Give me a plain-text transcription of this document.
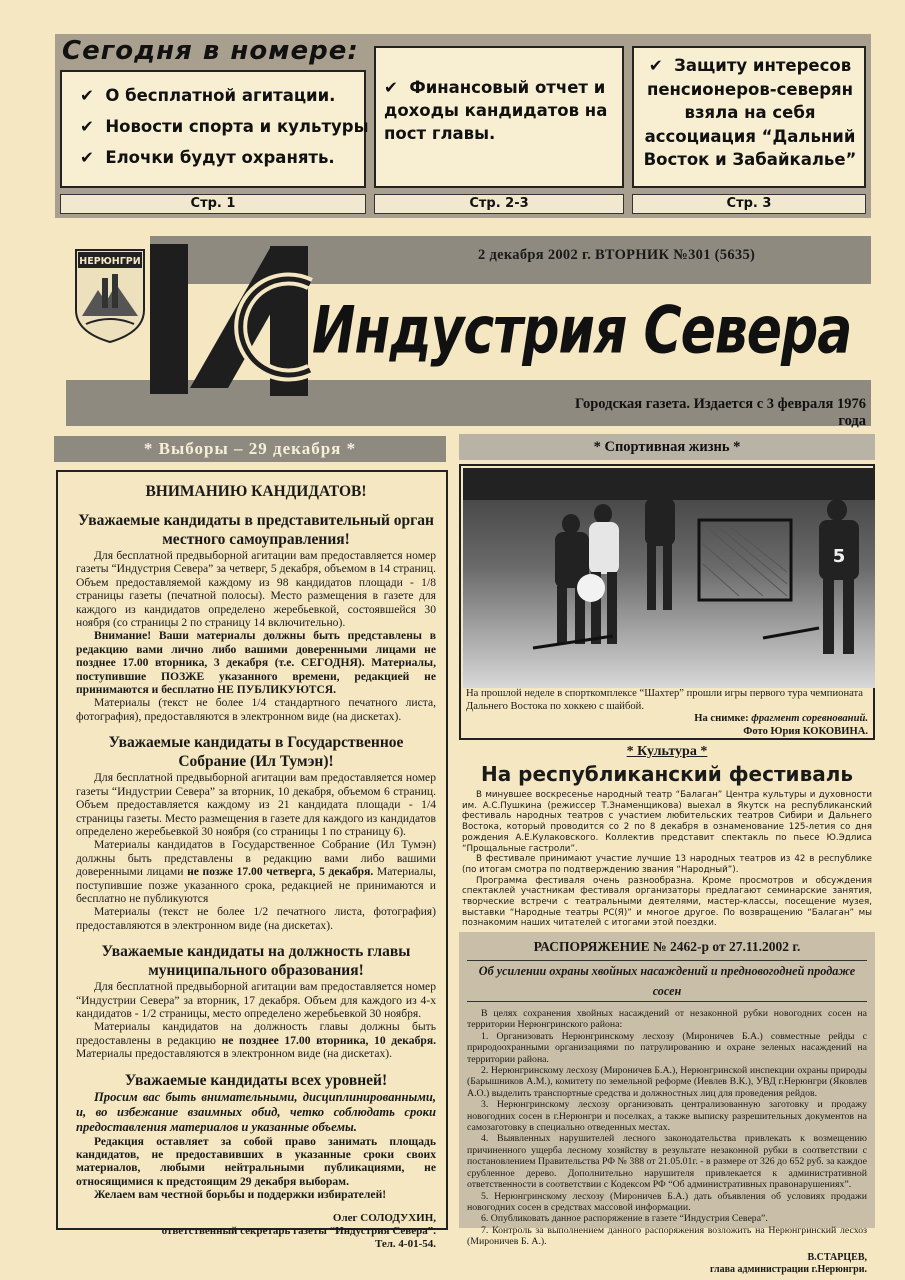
Сегодня в номере:
✔ О бесплатной агитации.
✔ Новости спорта и культуры
✔ Елочки будут охранять.
✔ Финансовый отчет и доходы кандидатов на пост главы.
✔ Защиту интересов пенсионеров-северян взяла на себя ассоциация “Дальний Восток и Забайкалье”
Стр. 1	Стр. 2-3	Стр. 3
НЕРЮНГРИ	2 декабря 2002 г. ВТОРНИК №301 (5635)
Индустрия Севера
Городская газета. Издается с 3 февраля 1976 года
* Выборы – 29 декабря *
ВНИМАНИЮ КАНДИДАТОВ!
Уважаемые кандидаты в представительный орган местного самоуправления!

Для бесплатной предвыборной агитации вам предоставляется номер газеты “Индустрия Севера” за четверг, 5 декабря, объемом в 14 страниц. Объем предоставляемой каждому из 98 кандидатов площади - 1/8 страницы газеты (печатной полосы). Место размещения в газете для каждого из кандидатов определено жеребьевкой, состоявшейся 30 ноября (со страницы 2 по страницу 14 включительно).

Внимание! Ваши материалы должны быть представлены в редакцию вами лично либо вашими доверенными лицами не позднее 17.00 вторника, 3 декабря (т.е. СЕГОДНЯ). Материалы, поступившие ПОЗЖЕ указанного времени, редакцией не принимаются и бесплатно НЕ ПУБЛИКУЮТСЯ.

Материалы (текст не более 1/4 стандартного печатного листа, фотография), предоставляются в электронном виде (на дискетах).

Уважаемые кандидаты в Государственное Собрание (Ил Тумэн)!

Для бесплатной предвыборной агитации вам предоставляется номер газеты “Индустрии Севера” за вторник, 10 декабря, объемом 6 страниц. Объем предоставляется каждому из 21 кандидата площади - 1/4 страницы газеты. Место размещения в газете для каждого из кандидатов определено жеребьевкой 30 ноября (со страницы 1 по страницу 6).

Материалы кандидатов в Государственное Собрание (Ил Тумэн) должны быть представлены в редакцию вами либо вашими доверенными лицами не позже 17.00 четверга, 5 декабря. Материалы, поступившие позже указанного срока, редакцией не принимаются и бесплатно не публикуются

Материалы (текст не более 1/2 печатного листа, фотография) предоставляются в электронном виде (на дискетах).

Уважаемые кандидаты на должность главы муниципального образования!

Для бесплатной предвыборной агитации вам предоставляется номер “Индустрии Севера” за вторник, 17 декабря. Объем для каждого из 4-х кандидатов - 1/2 страницы, место определено жеребьевкой 30 ноября.

Материалы кандидатов на должность главы должны быть предоставлены в редакцию не позднее 17.00 вторника, 10 декабря. Материалы предоставляются в электронном виде (на дискетах).

Уважаемые кандидаты всех уровней!

Просим вас быть внимательными, дисциплинированными, и, во избежание взаимных обид, четко соблюдать сроки предоставления материалов и указанные объемы.

Редакция оставляет за собой право занимать площадь кандидатов, не предоставивших в указанные сроки своих материалов, любыми нейтральными публикациями, не относящимися к предстоящим 29 декабря выборам.

Желаем вам честной борьбы и поддержки избирателей!

Олег СОЛОДУХИН,
ответственный секретарь газеты “Индустрия Севера”.
Тел. 4-01-54.
* Спортивная жизнь *
5
На прошлой неделе в спорткомплексе “Шахтер” прошли игры первого тура чемпионата Дальнего Востока по хоккею с шайбой.
На снимке: фрагмент соревнований.
Фото Юрия КОКОВИНА.
* Культура *
На республиканский фестиваль

В минувшее воскресенье народный театр “Балаган” Центра культуры и духовности им. А.С.Пушкина (режиссер Т.Знаменщикова) выехал в Якутск на республиканский фестиваль народных театров с участием любительских театров Сибири и Дальнего Востока, который проводится со 2 по 8 декабря в ознаменование 125-летия со дня рождения А.Е.Кулаковского. Коллектив представит спектакль по пьесе Ю.Эдлиса “Прощальные гастроли”.

В фестивале принимают участие лучшие 13 народных театров из 42 в республике (по итогам смотра по подтверждению звания “Народный”).

Программа фестиваля очень разнообразна. Кроме просмотров и обсуждения спектаклей участникам фестиваля организаторы предлагают семинарские занятия, творческие встречи с театральными деятелями, мастер-классы, посещение музея, выставки “Народные театры РС(Я)” и многое другое. По возвращению “Балаган” мы познакомим наших читателей с итогами этой поездки.

РАСПОРЯЖЕНИЕ № 2462-р от 27.11.2002 г.
Об усилении охраны хвойных насаждений и предновогодней продаже сосен

В целях сохранения хвойных насаждений от незаконной рубки новогодних сосен на территории Нерюнгринского района:

1. Организовать Нерюнгринскому лесхозу (Мироничев Б.А.) совместные рейды с природоохранными организациями по патрулированию и охране зеленых насаждений на территории района.

2. Нерюнгринскому лесхозу (Мироничев Б.А.), Нерюнгринской инспекции охраны природы (Барышников А.М.), комитету по земельной реформе (Иевлев В.К.), УВД г.Нерюнгри (Яковлев А.О.) выделить транспортные средства и должностных лиц для проведения рейдов.

3. Нерюнгринскому лесхозу организовать централизованную заготовку и продажу новогодних сосен в г.Нерюнгри и поселках, а также выписку разрешительных документов на самозаготовку в специально отведенных местах.

4. Выявленных нарушителей лесного законодательства привлекать к возмещению причиненного ущерба лесному хозяйству в результате незаконной рубки в соответствии с постановлением Правительства РФ № 388 от 21.05.01г. - в размере от 326 до 652 руб. за каждое срубленное дерево. Дополнительно нарушителя привлекается к административной ответственности в соответствии с Кодексом РФ “Об административных правонарушениях”.

5. Нерюнгринскому лесхозу (Мироничев Б.А.) дать объявления об условиях продажи новогодних сосен в средствах массовой информации.

6. Опубликовать данное распоряжение в газете “Индустрия Севера”.

7. Контроль за выполнением данного распоряжения возложить на Нерюнгринский лесхоз (Мироничев Б. А.).

В.СТАРЦЕВ,
глава администрации г.Нерюнгри.
